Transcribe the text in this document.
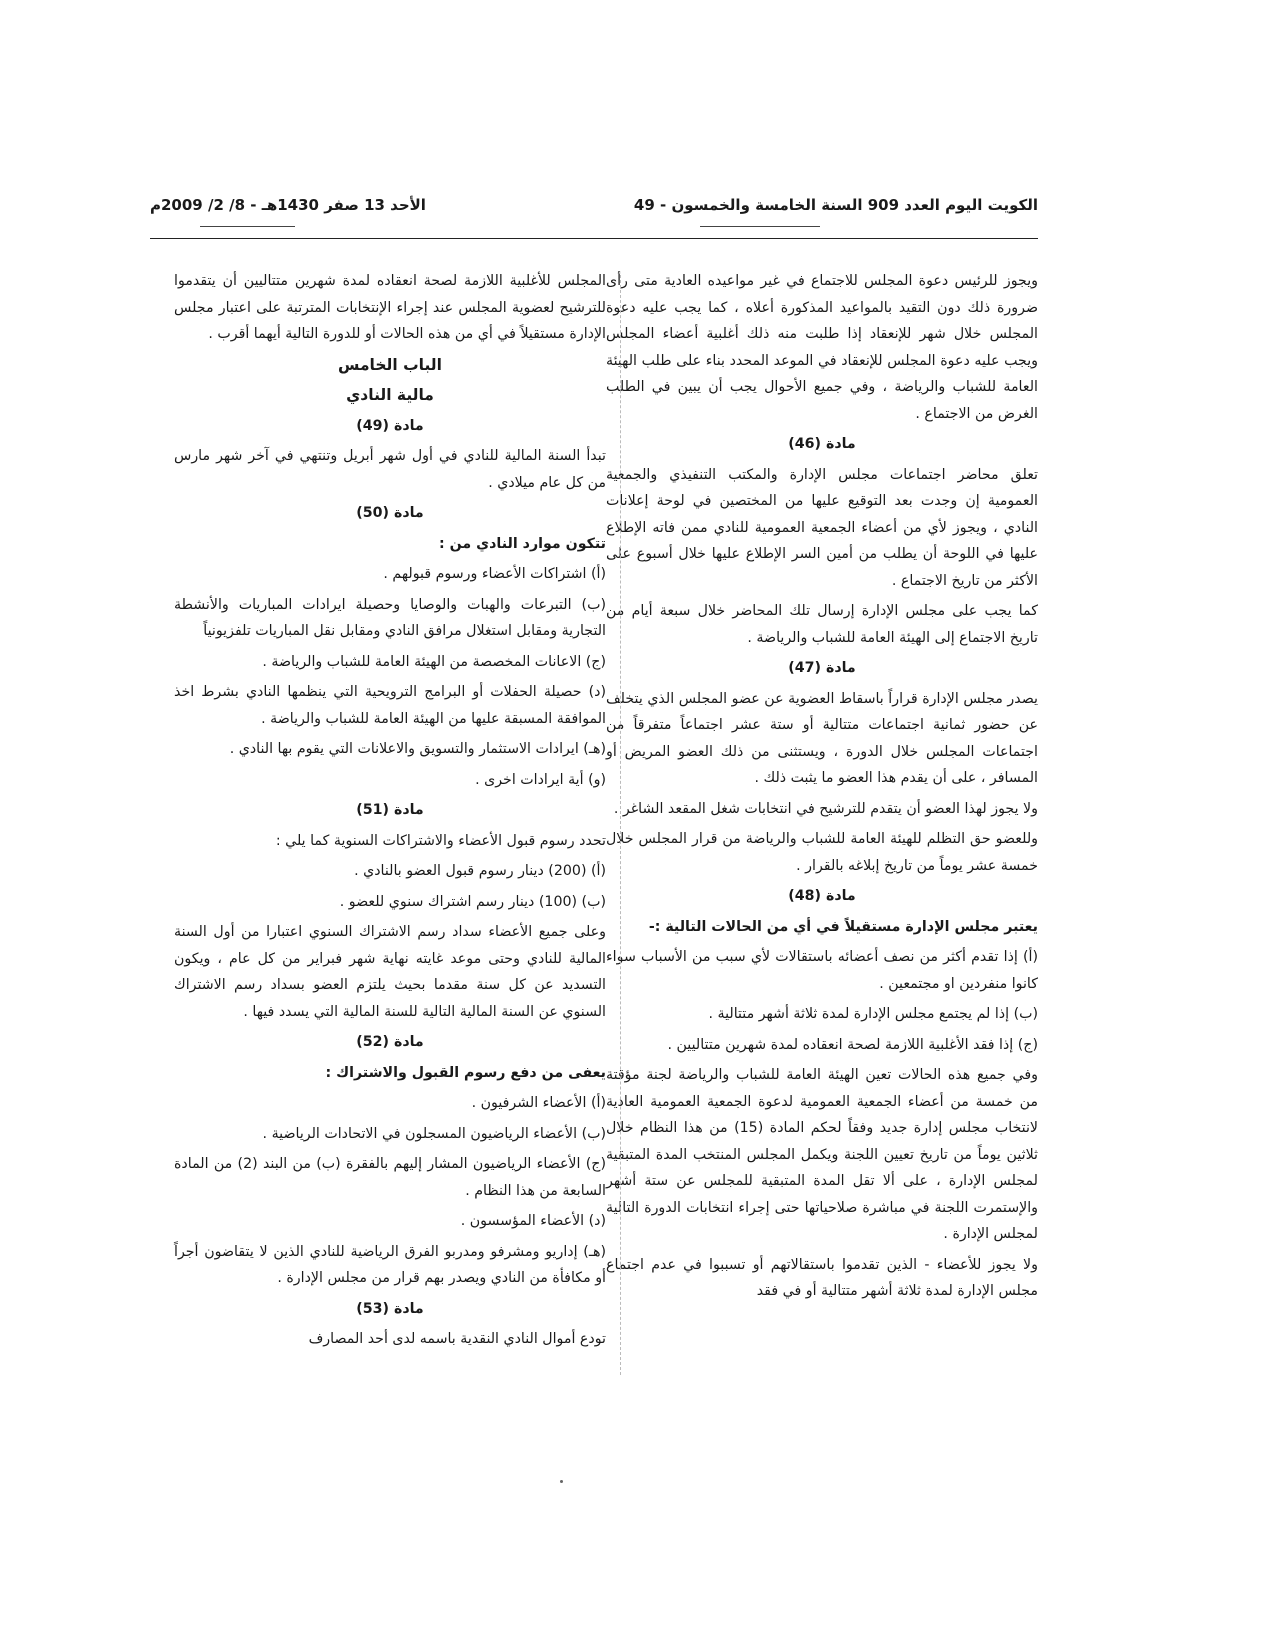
الكويت اليوم العدد 909 السنة الخامسة والخمسون - 49
الأحد 13 صفر 1430هـ - 8/ 2/ 2009م

ويجوز للرئيس دعوة المجلس للاجتماع في غير مواعيده العادية متى رأى ضرورة ذلك دون التقيد بالمواعيد المذكورة أعلاه ، كما يجب عليه دعوة المجلس خلال شهر للإنعقاد إذا طلبت منه ذلك أغلبية أعضاء المجلس ويجب عليه دعوة المجلس للإنعقاد في الموعد المحدد بناء على طلب الهيئة العامة للشباب والرياضة ، وفي جميع الأحوال يجب أن يبين في الطلب الغرض من الاجتماع .

مادة (46)

تعلق محاضر اجتماعات مجلس الإدارة والمكتب التنفيذي والجمعية العمومية إن وجدت بعد التوقيع عليها من المختصين في لوحة إعلانات النادي ، ويجوز لأي من أعضاء الجمعية العمومية للنادي ممن فاته الإطلاع عليها في اللوحة أن يطلب من أمين السر الإطلاع عليها خلال أسبوع على الأكثر من تاريخ الاجتماع .

كما يجب على مجلس الإدارة إرسال تلك المحاضر خلال سبعة أيام من تاريخ الاجتماع إلى الهيئة العامة للشباب والرياضة .

مادة (47)

يصدر مجلس الإدارة قراراً باسقاط العضوية عن عضو المجلس الذي يتخلف عن حضور ثمانية اجتماعات متتالية أو ستة عشر اجتماعاً متفرقاً من اجتماعات المجلس خلال الدورة ، ويستثنى من ذلك العضو المريض أو المسافر ، على أن يقدم هذا العضو ما يثبت ذلك .

ولا يجوز لهذا العضو أن يتقدم للترشيح في انتخابات شغل المقعد الشاغر .

وللعضو حق التظلم للهيئة العامة للشباب والرياضة من قرار المجلس خلال خمسة عشر يوماً من تاريخ إبلاغه بالقرار .

مادة (48)

يعتبر مجلس الإدارة مستقيلاً في أي من الحالات التالية :-

(أ) إذا تقدم أكثر من نصف أعضائه باستقالات لأي سبب من الأسباب سواء كانوا منفردين او مجتمعين .

(ب) إذا لم يجتمع مجلس الإدارة لمدة ثلاثة أشهر متتالية .

(ج) إذا فقد الأغلبية اللازمة لصحة انعقاده لمدة شهرين متتاليين .

وفي جميع هذه الحالات تعين الهيئة العامة للشباب والرياضة لجنة مؤقتة من خمسة من أعضاء الجمعية العمومية لدعوة الجمعية العمومية العادية لانتخاب مجلس إدارة جديد وفقاً لحكم المادة (15) من هذا النظام خلال ثلاثين يوماً من تاريخ تعيين اللجنة ويكمل المجلس المنتخب المدة المتبقية لمجلس الإدارة ، على ألا تقل المدة المتبقية للمجلس عن ستة أشهر والإستمرت اللجنة في مباشرة صلاحياتها حتى إجراء انتخابات الدورة التالية لمجلس الإدارة .

ولا يجوز للأعضاء - الذين تقدموا باستقالاتهم أو تسببوا في عدم اجتماع مجلس الإدارة لمدة ثلاثة أشهر متتالية أو في فقد

المجلس للأغلبية اللازمة لصحة انعقاده لمدة شهرين متتاليين أن يتقدموا للترشيح لعضوية المجلس عند إجراء الإنتخابات المترتبة على اعتبار مجلس الإدارة مستقيلاً في أي من هذه الحالات أو للدورة التالية أيهما أقرب .

الباب الخامس

مالية النادي

مادة (49)

تبدأ السنة المالية للنادي في أول شهر أبريل وتنتهي في آخر شهر مارس من كل عام ميلادي .

مادة (50)

تتكون موارد النادي من :

(أ) اشتراكات الأعضاء ورسوم قبولهم .

(ب) التبرعات والهبات والوصايا وحصيلة ايرادات المباريات والأنشطة التجارية ومقابل استغلال مرافق النادي ومقابل نقل المباريات تلفزيونياً

(ج) الاعانات المخصصة من الهيئة العامة للشباب والرياضة .

(د) حصيلة الحفلات أو البرامج الترويحية التي ينظمها النادي بشرط اخذ الموافقة المسبقة عليها من الهيئة العامة للشباب والرياضة .

(هـ) ايرادات الاستثمار والتسويق والاعلانات التي يقوم بها النادي .

(و) أية ايرادات اخرى .

مادة (51)

تحدد رسوم قبول الأعضاء والاشتراكات السنوية كما يلي :

(أ) (200) دينار رسوم قبول العضو بالنادي .

(ب) (100) دينار رسم اشتراك سنوي للعضو .

وعلى جميع الأعضاء سداد رسم الاشتراك السنوي اعتبارا من أول السنة المالية للنادي وحتى موعد غايته نهاية شهر فبراير من كل عام ، ويكون التسديد عن كل سنة مقدما بحيث يلتزم العضو بسداد رسم الاشتراك السنوي عن السنة المالية التالية للسنة المالية التي يسدد فيها .

مادة (52)

يعفى من دفع رسوم القبول والاشتراك :

(أ) الأعضاء الشرفيون .

(ب) الأعضاء الرياضيون المسجلون في الاتحادات الرياضية .

(ج) الأعضاء الرياضيون المشار إليهم بالفقرة (ب) من البند (2) من المادة السابعة من هذا النظام .

(د) الأعضاء المؤسسون .

(هـ) إداريو ومشرفو ومدربو الفرق الرياضية للنادي الذين لا يتقاضون أجراً أو مكافأة من النادي ويصدر بهم قرار من مجلس الإدارة .

مادة (53)

تودع أموال النادي النقدية باسمه لدى أحد المصارف
